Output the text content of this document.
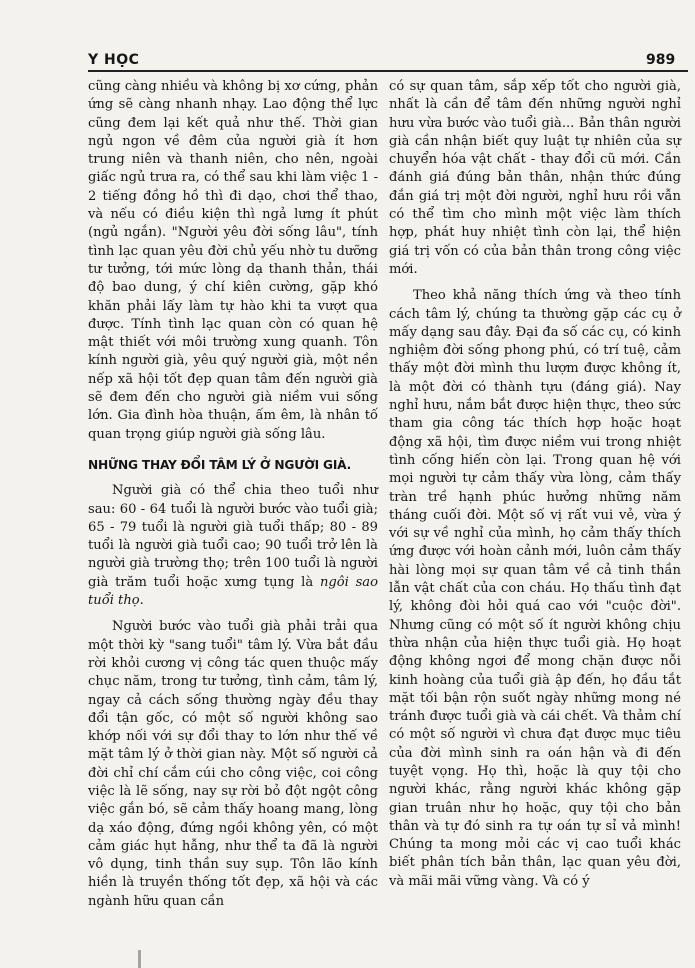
Y HỌC	989

cũng càng nhiều và không bị xơ cứng, phản ứng sẽ càng nhanh nhạy. Lao động thể lực cũng đem lại kết quả như thế. Thời gian ngủ ngon về đêm của người già ít hơn trung niên và thanh niên, cho nên, ngoài giấc ngủ trưa ra, có thể sau khi làm việc 1 - 2 tiếng đồng hồ thì đi dạo, chơi thể thao, và nếu có điều kiện thì ngả lưng ít phút (ngủ ngắn). "Người yêu đời sống lâu", tính tình lạc quan yêu đời chủ yếu nhờ tu dưỡng tư tưởng, tới mức lòng dạ thanh thản, thái độ bao dung, ý chí kiên cường, gặp khó khăn phải lấy làm tự hào khi ta vượt qua được. Tính tình lạc quan còn có quan hệ mật thiết với môi trường xung quanh. Tôn kính người già, yêu quý người già, một nền nếp xã hội tốt đẹp quan tâm đến người già sẽ đem đến cho người già niềm vui sống lớn. Gia đình hòa thuận, ấm êm, là nhân tố quan trọng giúp người già sống lâu.

NHỮNG THAY ĐỔI TÂM LÝ Ở NGƯỜI GIÀ.

Người già có thể chia theo tuổi như sau: 60 - 64 tuổi là người bước vào tuổi già; 65 - 79 tuổi là người già tuổi thấp; 80 - 89 tuổi là người già tuổi cao; 90 tuổi trở lên là người già trường thọ; trên 100 tuổi là người già trăm tuổi hoặc xưng tụng là ngôi sao tuổi thọ.

Người bước vào tuổi già phải trải qua một thời kỳ "sang tuổi" tâm lý. Vừa bắt đầu rời khỏi cương vị công tác quen thuộc mấy chục năm, trong tư tưởng, tình cảm, tâm lý, ngay cả cách sống thường ngày đều thay đổi tận gốc, có một số người không sao khớp nối với sự đổi thay to lớn như thế về mặt tâm lý ở thời gian này. Một số người cả đời chỉ chí cắm cúi cho công việc, coi công việc là lẽ sống, nay sự rời bỏ đột ngột công việc gắn bó, sẽ cảm thấy hoang mang, lòng dạ xáo động, đứng ngồi không yên, có một cảm giác hụt hẫng, như thể ta đã là người vô dụng, tinh thần suy sụp. Tôn lão kính hiền là truyền thống tốt đẹp, xã hội và các ngành hữu quan cần

có sự quan tâm, sắp xếp tốt cho người già, nhất là cần để tâm đến những người nghỉ hưu vừa bước vào tuổi già... Bản thân người già cần nhận biết quy luật tự nhiên của sự chuyển hóa vật chất - thay đổi cũ mới. Cần đánh giá đúng bản thân, nhận thức đúng đắn giá trị một đời người, nghỉ hưu rồi vẫn có thể tìm cho mình một việc làm thích hợp, phát huy nhiệt tình còn lại, thể hiện giá trị vốn có của bản thân trong công việc mới.

Theo khả năng thích ứng và theo tính cách tâm lý, chúng ta thường gặp các cụ ở mấy dạng sau đây. Đại đa số các cụ, có kinh nghiệm đời sống phong phú, có trí tuệ, cảm thấy một đời mình thu lượm được không ít, là một đời có thành tựu (đáng giá). Nay nghỉ hưu, nắm bắt được hiện thực, theo sức tham gia công tác thích hợp hoặc hoạt động xã hội, tìm được niềm vui trong nhiệt tình cống hiến còn lại. Trong quan hệ với mọi người tự cảm thấy vừa lòng, cảm thấy tràn trề hạnh phúc hưởng những năm tháng cuối đời. Một số vị rất vui vẻ, vừa ý với sự về nghỉ của mình, họ cảm thấy thích ứng được với hoàn cảnh mới, luôn cảm thấy hài lòng mọi sự quan tâm về cả tinh thần lẫn vật chất của con cháu. Họ thấu tình đạt lý, không đòi hỏi quá cao với "cuộc đời". Nhưng cũng có một số ít người không chịu thừa nhận của hiện thực tuổi già. Họ hoạt động không ngơi để mong chặn được nỗi kinh hoàng của tuổi già ập đến, họ đầu tắt mặt tối bận rộn suốt ngày những mong né tránh được tuổi già và cái chết. Và thảm chí có một số người vì chưa đạt được mục tiêu của đời mình sinh ra oán hận và đi đến tuyệt vọng. Họ thì, hoặc là quy tội cho người khác, rằng người khác không gặp gian truân như họ hoặc, quy tội cho bản thân và tự đó sinh ra tự oán tự sỉ vả mình! Chúng ta mong mỏi các vị cao tuổi khác biết phân tích bản thân, lạc quan yêu đời, và mãi mãi vững vàng. Và có ý
